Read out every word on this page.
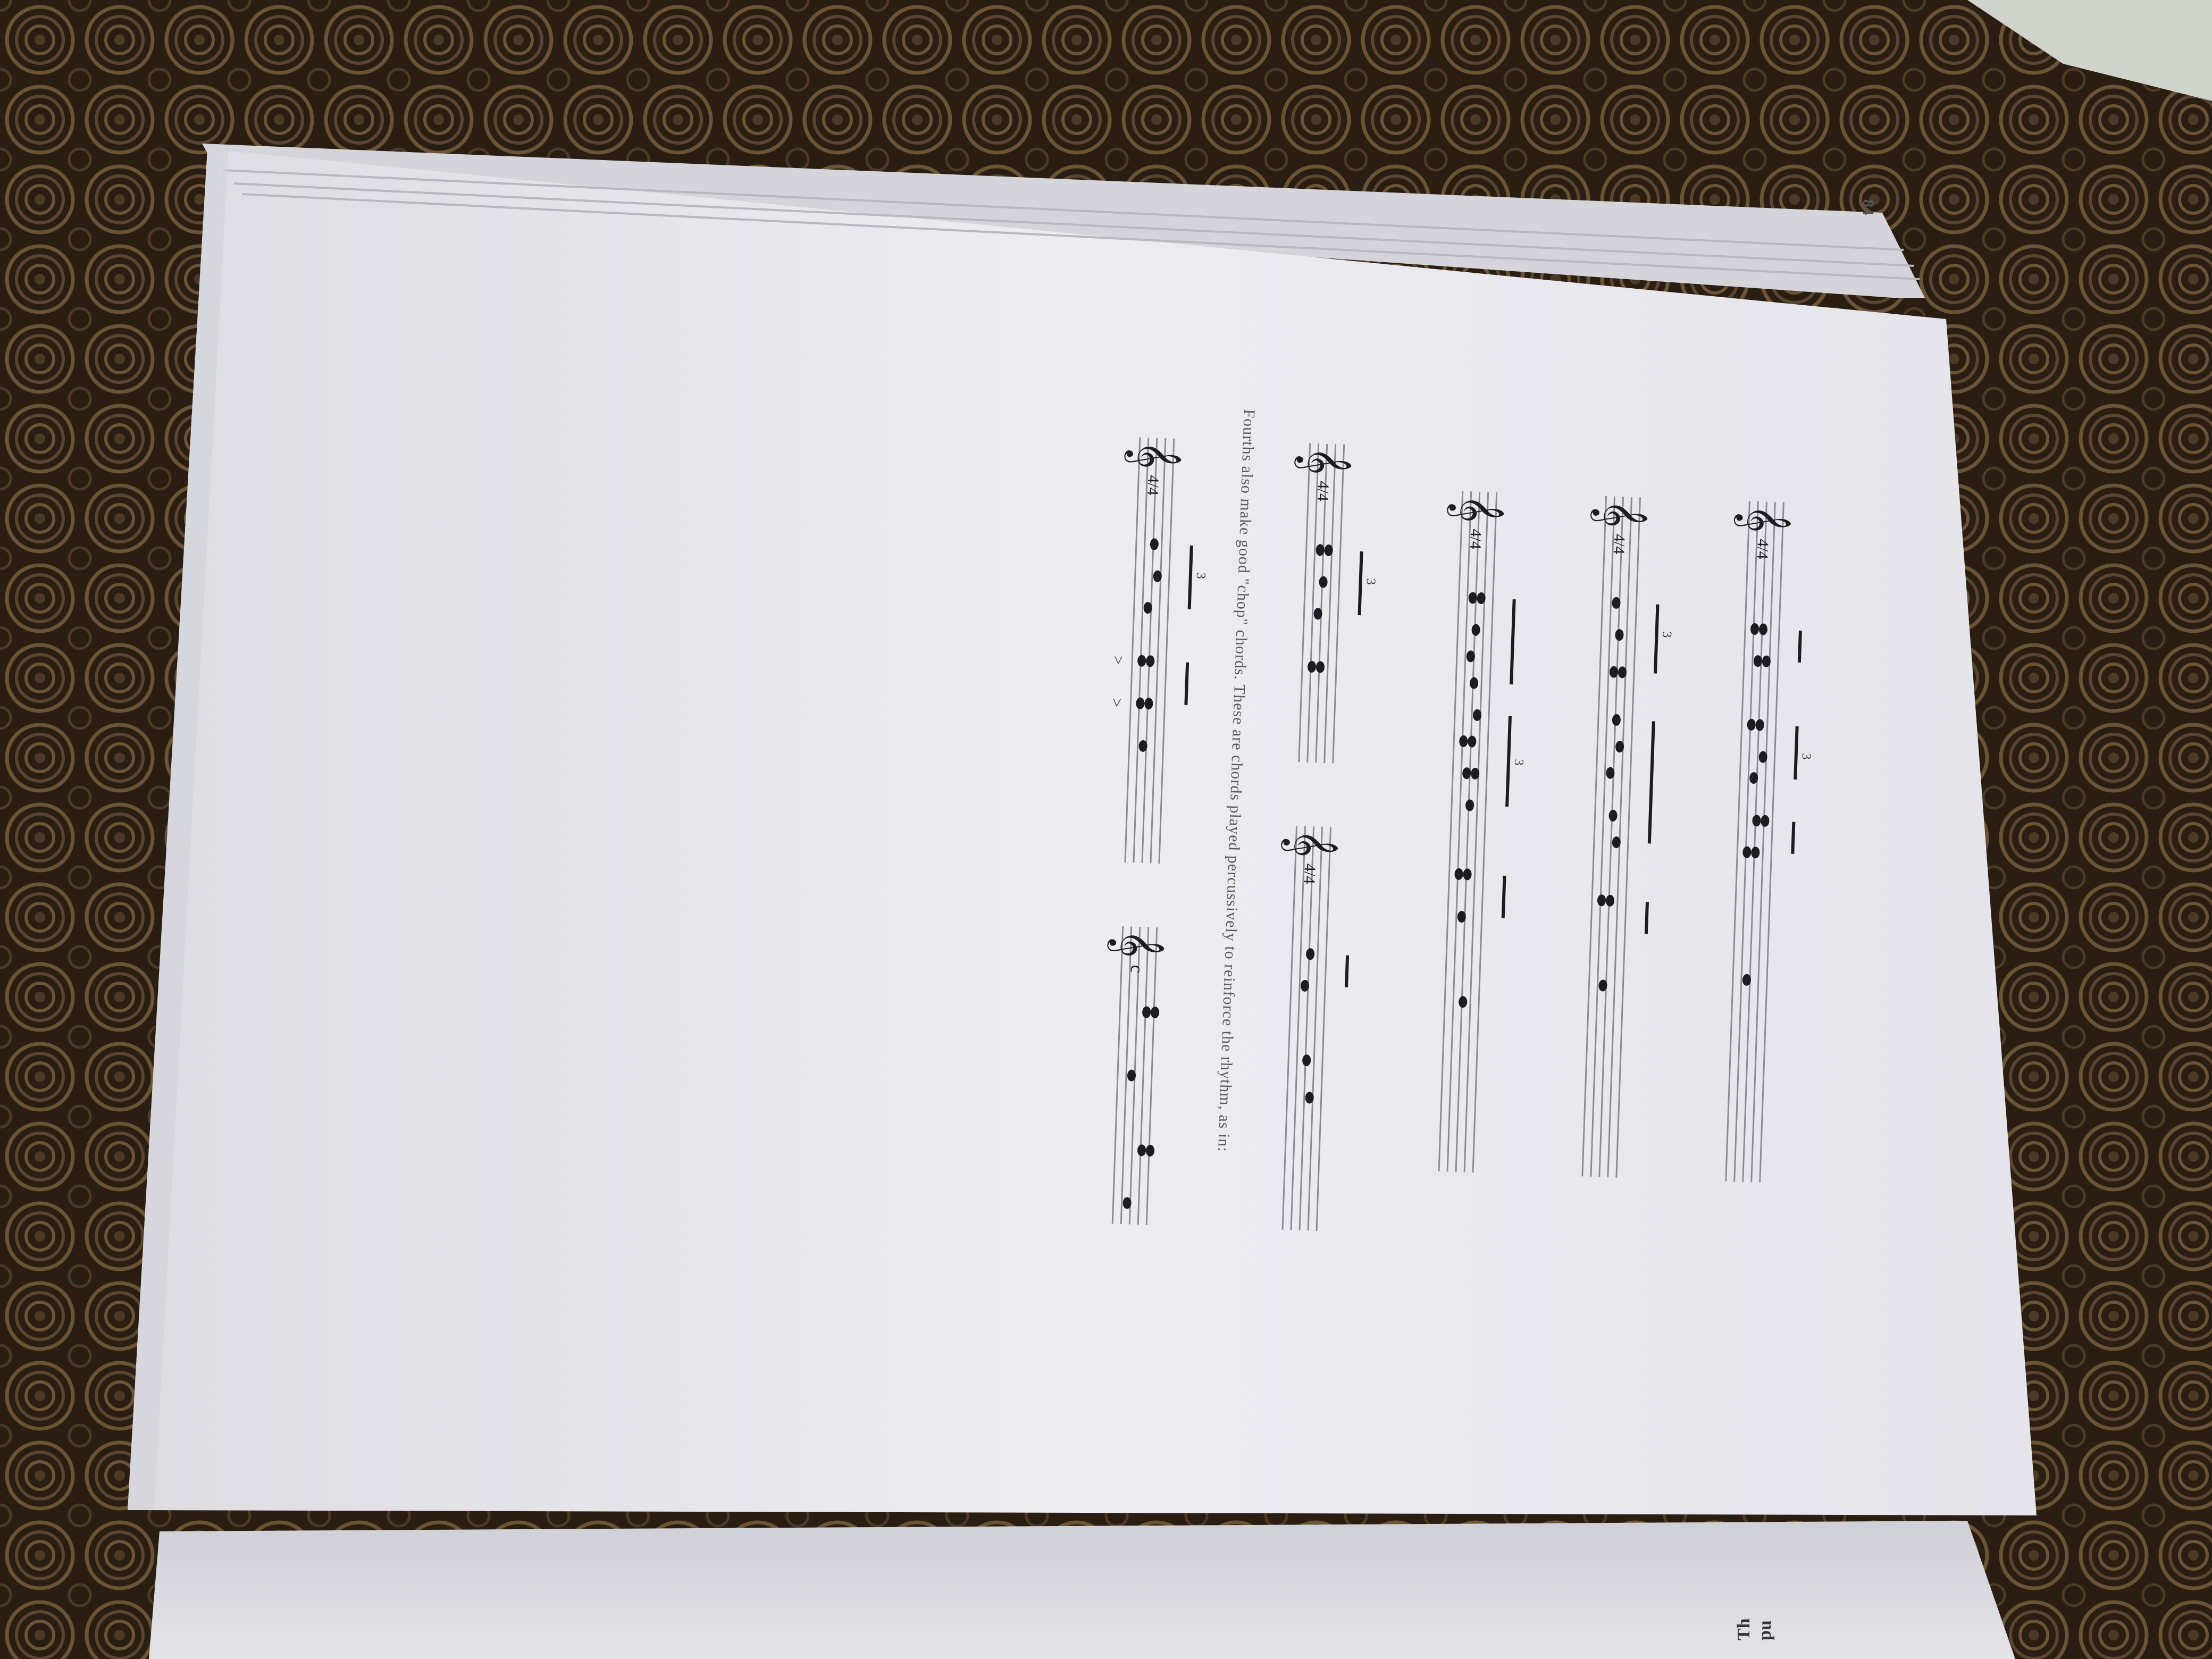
Th pu
84
𝄞
4/4
3
𝄞
4/4
3
𝄞
4/4
3
𝄞
4/4
𝄞
4/4
3
Fourths also make good "chop" chords. These are chords played percussively to reinforce the rhythm, as in:
𝄞
4/4
𝄞
c
3
>
>
